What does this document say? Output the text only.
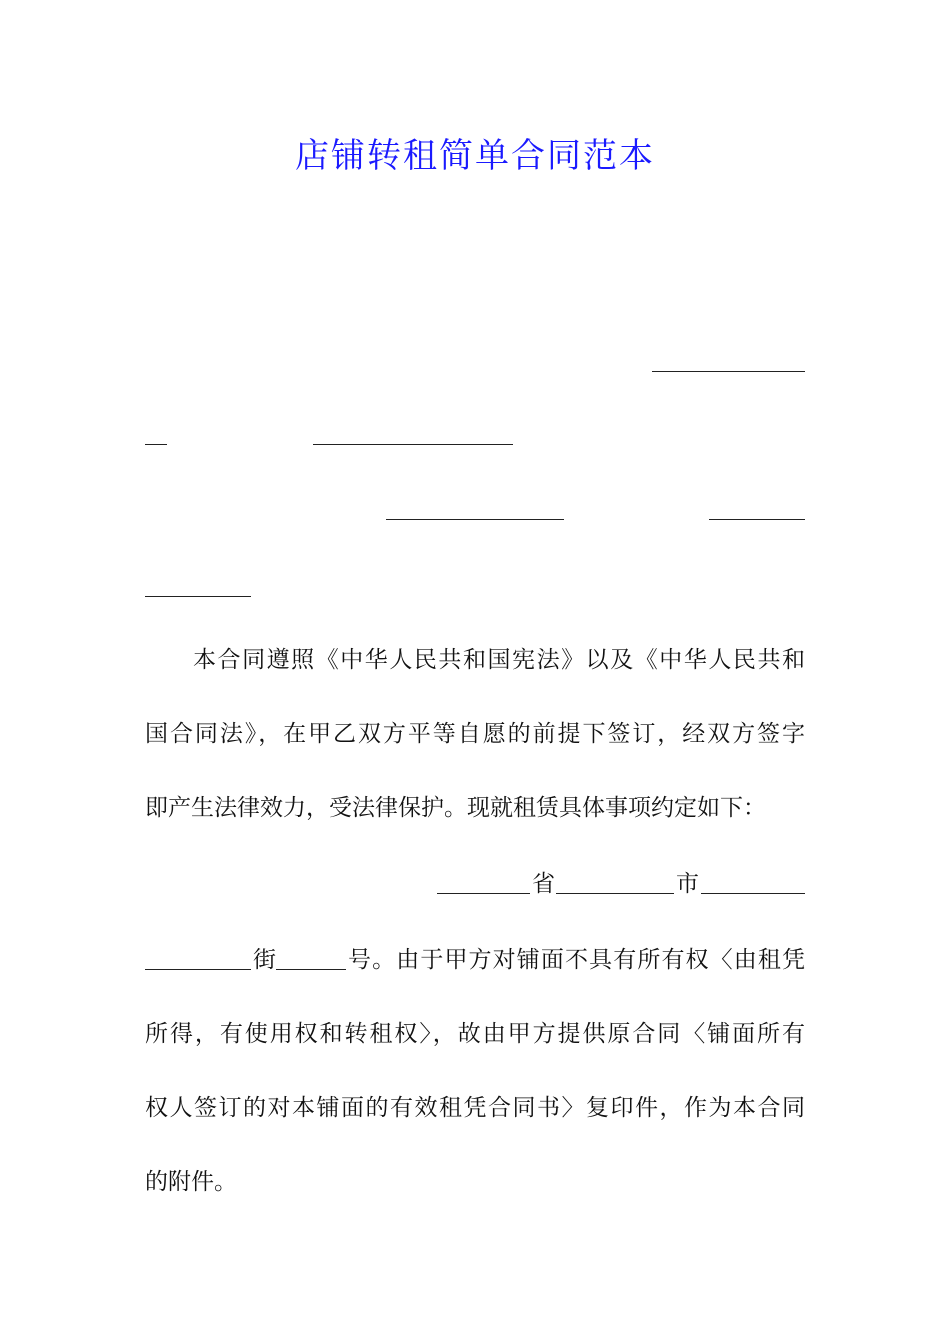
店铺转租简单合同范本

本合同遵照《中华人民共和国宪法》以及《中华人民共和
国合同法》，在甲乙双方平等自愿的前提下签订，经双方签字
即产生法律效力，受法律保护。现就租赁具体事项约定如下：

省	市
街	号。由于甲方对铺面不具有所有权〈由租凭
所得，有使用权和转租权〉，故由甲方提供原合同〈铺面所有
权人签订的对本铺面的有效租凭合同书〉复印件，作为本合同
的附件。
